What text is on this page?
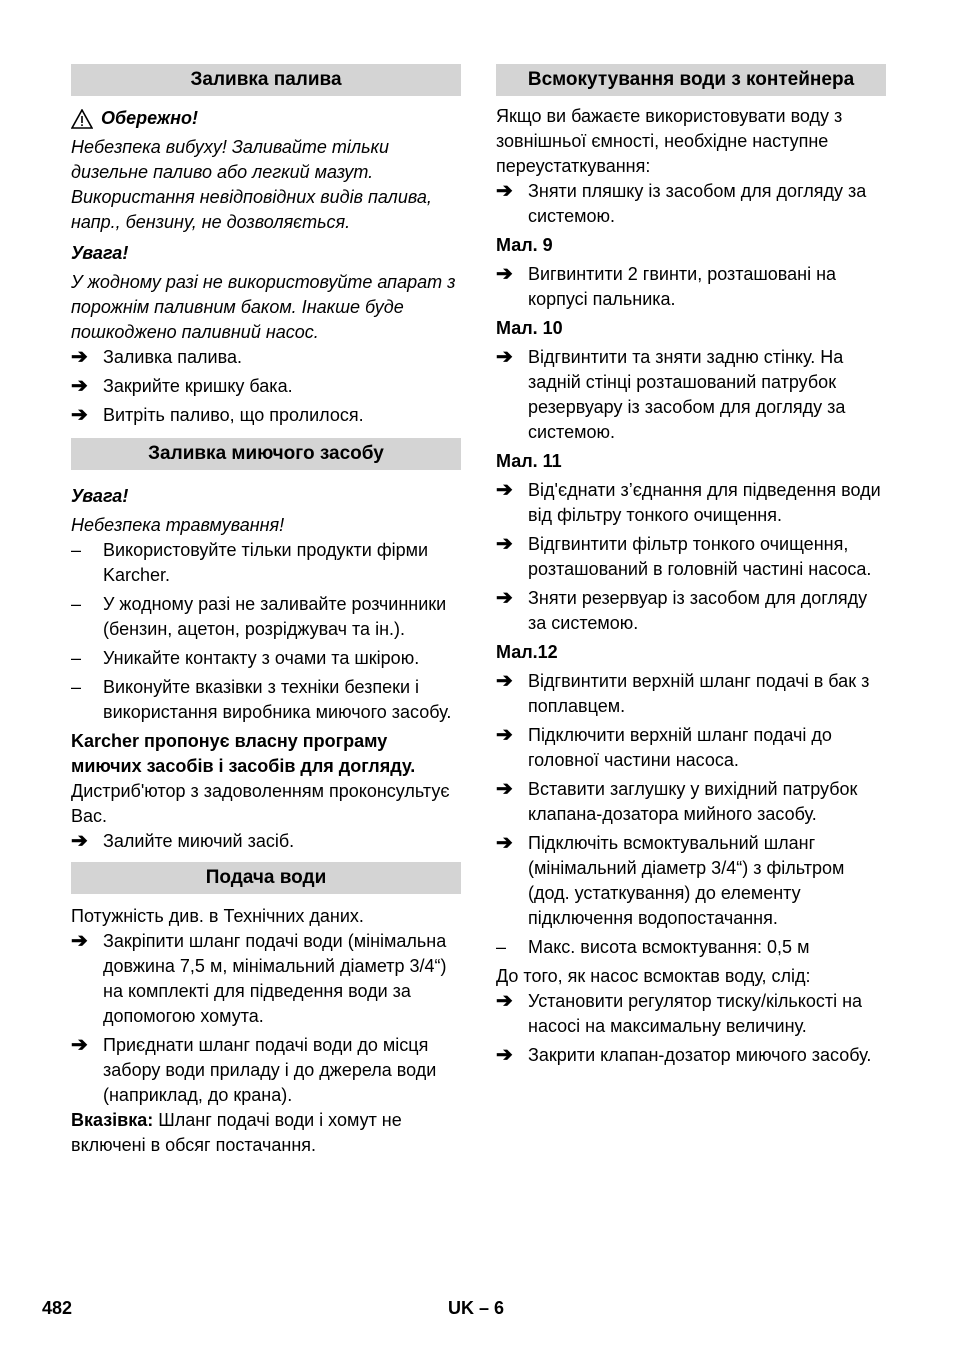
Заливка палива
Обережно!
Небезпека вибуху! Заливайте тільки дизельне паливо або легкий мазут. Використання невідповідних видів палива, напр., бензину, не дозволяється.
Увага!
У жодному разі не використовуйте апарат з порожнім паливним баком. Інакше буде пошкоджено паливний насос.
➔ Заливка палива.
➔ Закрийте кришку бака.
➔ Витріть паливо, що пролилося.
Заливка миючого засобу
Увага!
Небезпека травмування!
– Використовуйте тільки продукти фірми Karcher.
– У жодному разі не заливайте розчинники (бензин, ацетон, розріджувач та ін.).
– Уникайте контакту з очами та шкірою.
– Виконуйте вказівки з техніки безпеки і використання виробника миючого засобу.
Karcher пропонує власну програму миючих засобів і засобів для догляду.
Дистриб'ютор з задоволенням проконсультує Вас.
➔ Залийте миючий засіб.
Подача води
Потужність див. в Технічних даних.
➔ Закріпити шланг подачі води (мінімальна довжина 7,5 м, мінімальний діаметр 3/4“) на комплекті для підведення води за допомогою хомута.
➔ Приєднати шланг подачі води до місця забору води приладу і до джерела води (наприклад, до крана).
Вказівка: Шланг подачі води і хомут не включені в обсяг постачання.
Всмокутування води з контейнера
Якщо ви бажаєте використовувати воду з зовнішньої ємності, необхідне наступне переустаткування:
➔ Зняти пляшку із засобом для догляду за системою.
Мал. 9
➔ Вигвинтити 2 гвинти, розташовані на корпусі пальника.
Мал. 10
➔ Відгвинтити та зняти задню стінку. На задній стінці розташований патрубок резервуару із засобом для догляду за системою.
Мал. 11
➔ Від'єднати з’єднання для підведення води від фільтру тонкого очищення.
➔ Відгвинтити фільтр тонкого очищення, розташований в головній частині насоса.
➔ Зняти резервуар із засобом для догляду за системою.
Мал.12
➔ Відгвинтити верхній шланг подачі в бак з поплавцем.
➔ Підключити верхній шланг подачі до головної частини насоса.
➔ Вставити заглушку у вихідний патрубок клапана-дозатора мийного засобу.
➔ Підключіть всмоктувальний шланг (мінімальний діаметр 3/4“) з фільтром (дод. устаткування) до елементу підключення водопостачання.
– Макс. висота всмоктування: 0,5 м
До того, як насос всмоктав воду, слід:
➔ Установити регулятор тиску/кількості на насосі на максимальну величину.
➔ Закрити клапан-дозатор миючого засобу.
482	UK – 6
